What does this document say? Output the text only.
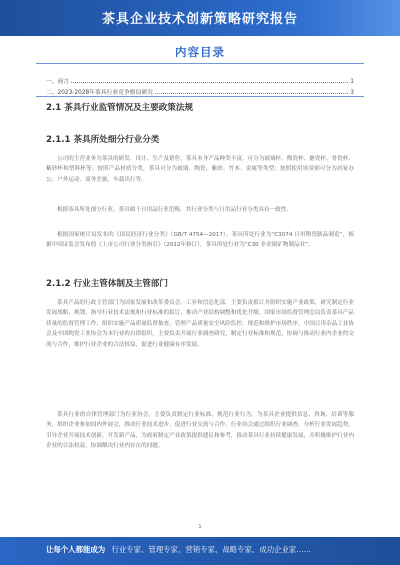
茶具企业技术创新策略研究报告
内容目录
一、前言	1
二、2023-2028年茶具行业竞争格局研究	3
2.1 茶具行业监管情况及主要政策法规
2.1.1 茶具所处细分行业分类
公司的主营业务为茶具的研发、设计、生产及销售，茶具本身产品种类丰富，可分为玻璃杯、陶瓷杯、搪瓷杯、骨瓷杯、紫砂杯和塑料杯等；按照产品材质分类，茶具可分为玻璃、陶瓷、紫砂、竹木、金属等类型；按照使用场景则可分为居家办公、户外运动、商务差旅、车载出行等。
根据茶具所处细分行业，茶具属于日用品行业范畴，其行业分类与日用品行业分类具有一致性。
根据国家统计局发布的《国民经济行业分类》（GB/T 4754—2017），茶具所处行业为“C3074 日用陶瓷制品制造”，根据中国证监会发布的《上市公司行业分类指引》（2012年修订），茶具所处行业为“C30 非金属矿物制品业”。
2.1.2 行业主管体制及主管部门
茶具产品的行政主管部门为国家发展和改革委员会、工业和信息化部，主要负责拟订并组织实施产业政策，研究制定行业发展战略、规划，指导行业技术法规和行业标准的拟订，推动产业结构调整和优化升级。国家市场监督管理总局负责茶具产品质量的监督管理工作，组织实施产品质量监督抽查，管理产品质量安全风险监控，规范和维护市场秩序。中国日用杂品工业协会及中国陶瓷工业协会为本行业的自律组织，主要负责开展行业调查研究，制定行业标准和规范，协调与推动行业内企业的交流与合作，维护行业企业的合法权益，促进行业健康有序发展。
茶具行业的自律管理部门为行业协会，主要负责制定行业标准、规范行业行为，为茶具企业提供信息、咨询、培训等服务，组织企业参加国内外展会，推动行业技术进步，促进行业交流与合作。行业协会通过组织行业调查，分析行业发展趋势，引导企业开展技术创新，开发新产品，为政府制定产业政策提供建议和参考，推动茶具行业持续健康发展，并积极维护行业内企业的合法权益，协调解决行业内存在的问题。
1
让每个人都能成为 行业专家、管理专家、营销专家、战略专家、成功企业家……
